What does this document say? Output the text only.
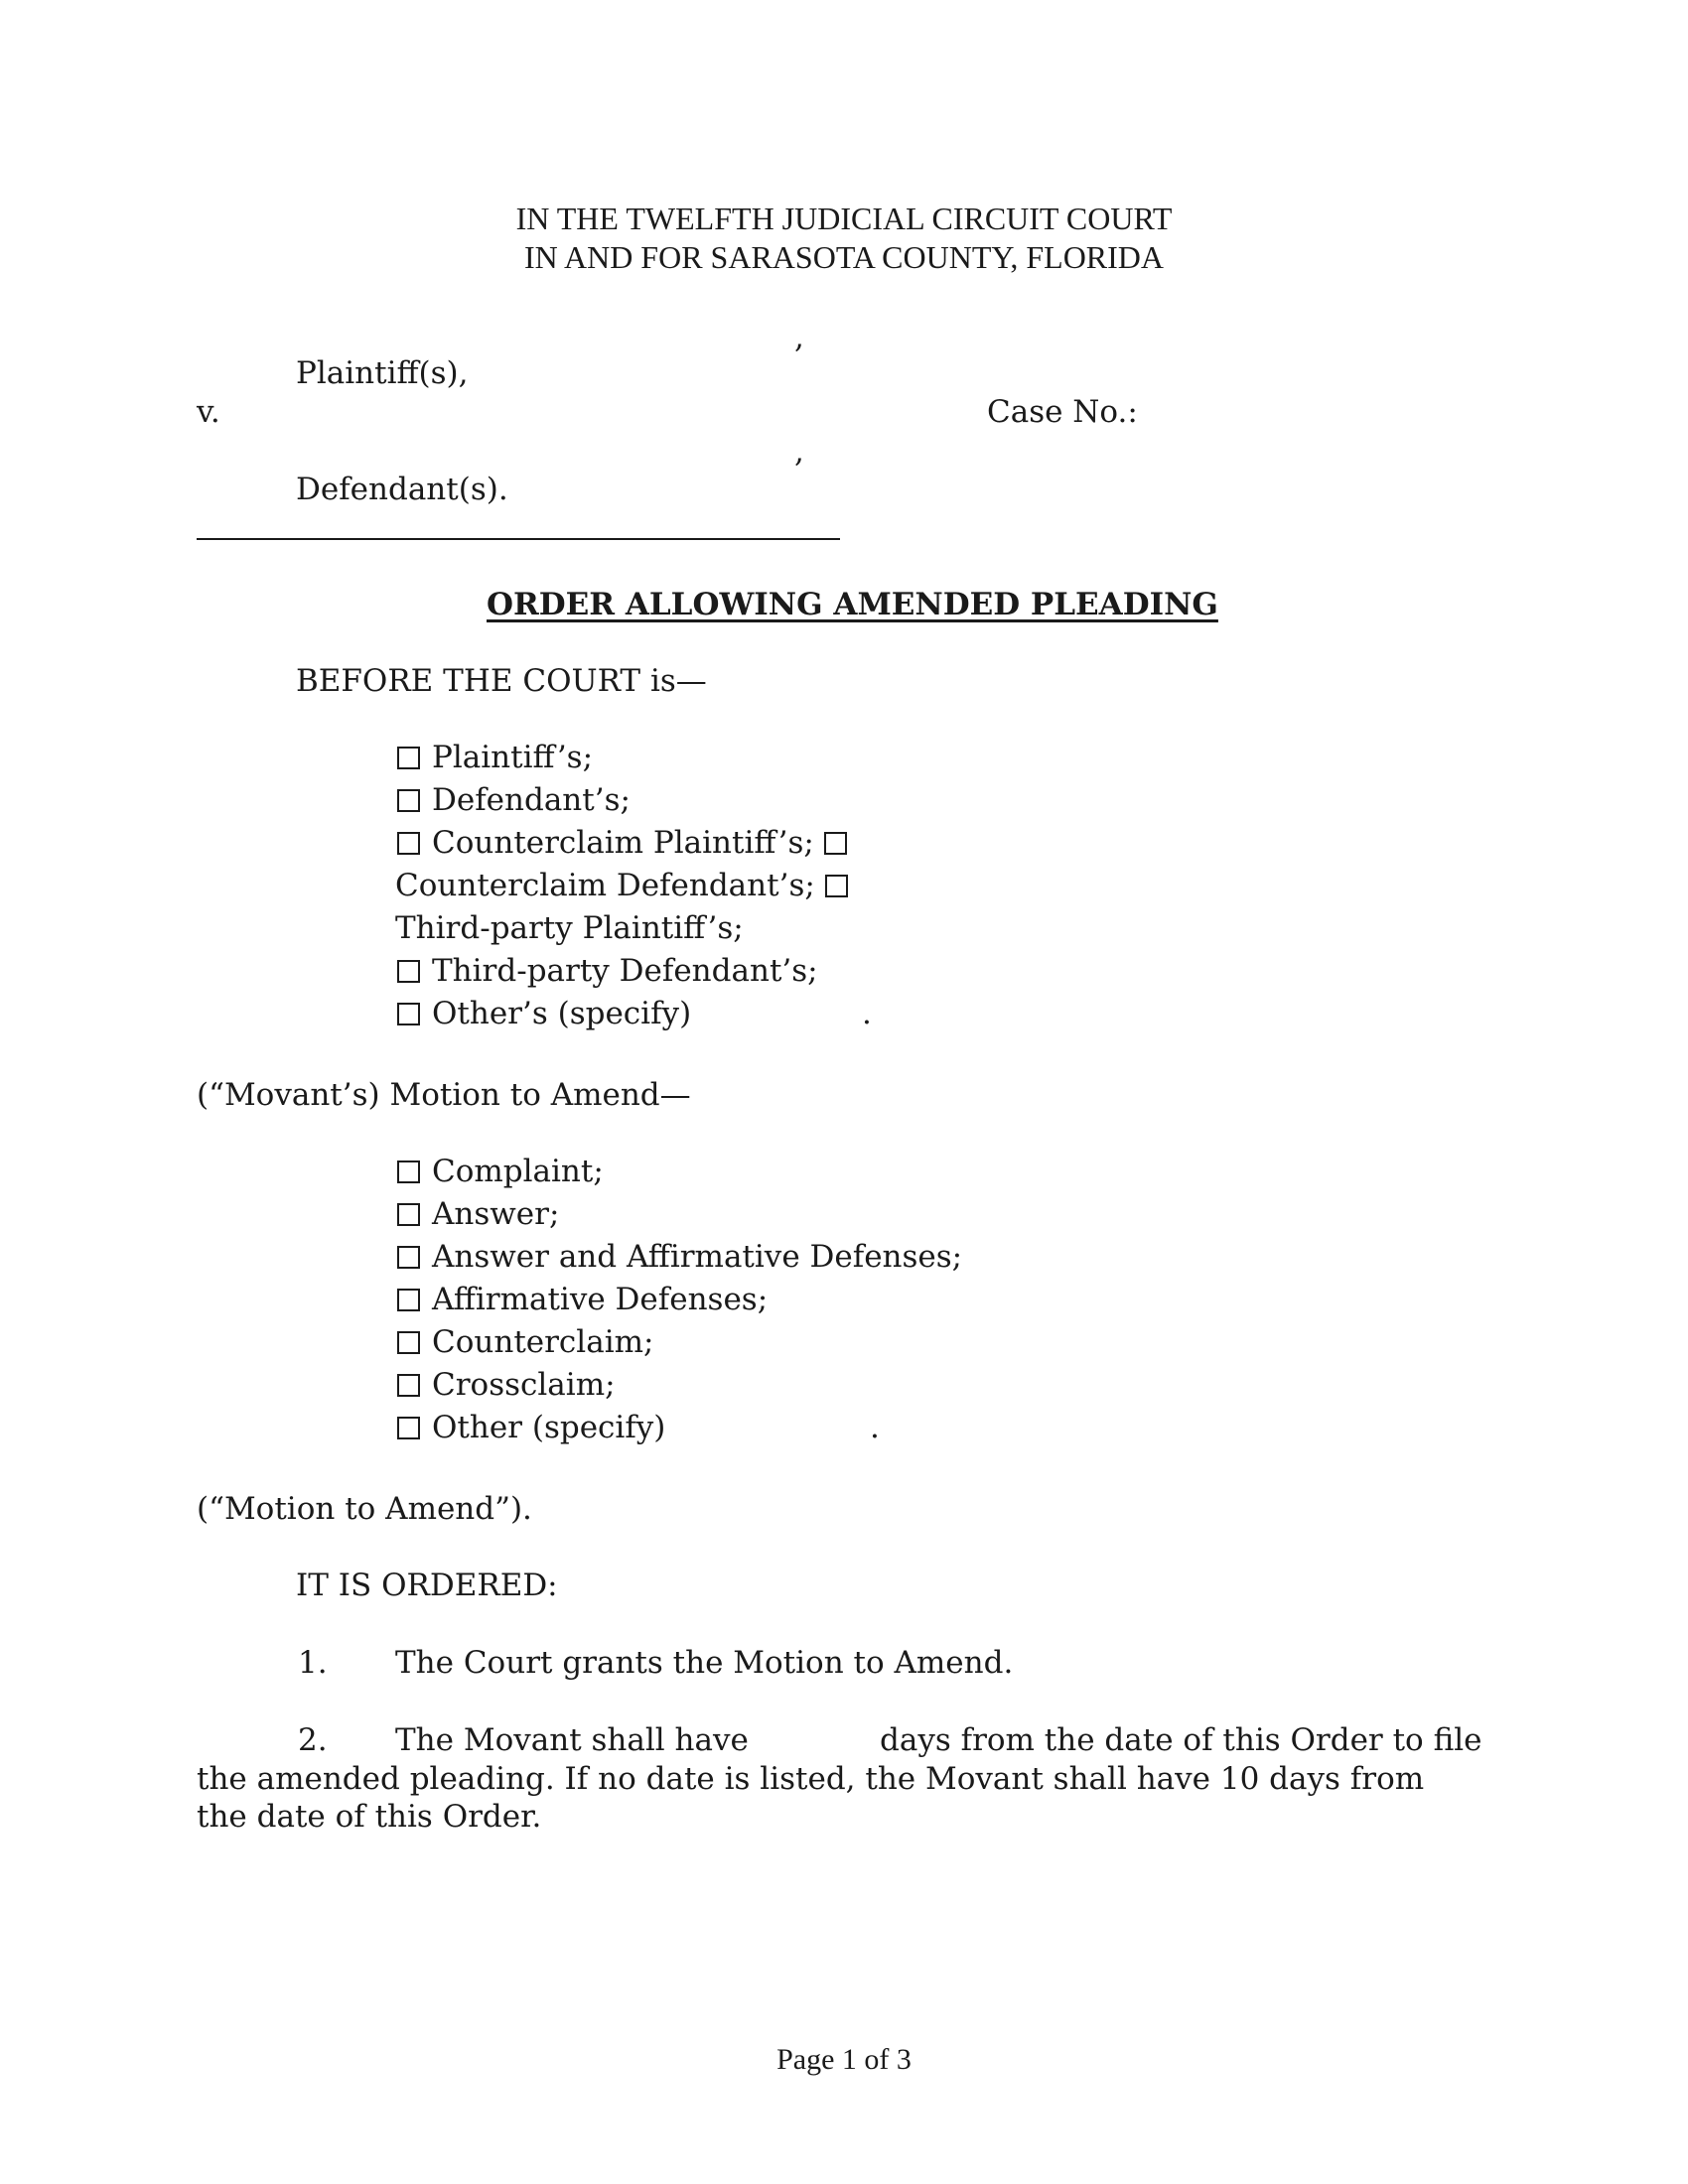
IN THE TWELFTH JUDICIAL CIRCUIT COURT
IN AND FOR SARASOTA COUNTY, FLORIDA
,
Plaintiff(s),
v.	Case No.:
,
Defendant(s).
ORDER ALLOWING AMENDED PLEADING
BEFORE THE COURT is—
Plaintiff’s;
Defendant’s;
Counterclaim Plaintiff’s;
Counterclaim Defendant’s;
Third-party Plaintiff’s;
Third-party Defendant’s;
Other’s (specify)	.
(“Movant’s) Motion to Amend—
Complaint;
Answer;
Answer and Affirmative Defenses;
Affirmative Defenses;
Counterclaim;
Crossclaim;
Other (specify)	.
(“Motion to Amend”).
IT IS ORDERED:
1. The Court grants the Motion to Amend.
2. The Movant shall have	days from the date of this Order to file
the amended pleading. If no date is listed, the Movant shall have 10 days from
the date of this Order.
Page 1 of 3
